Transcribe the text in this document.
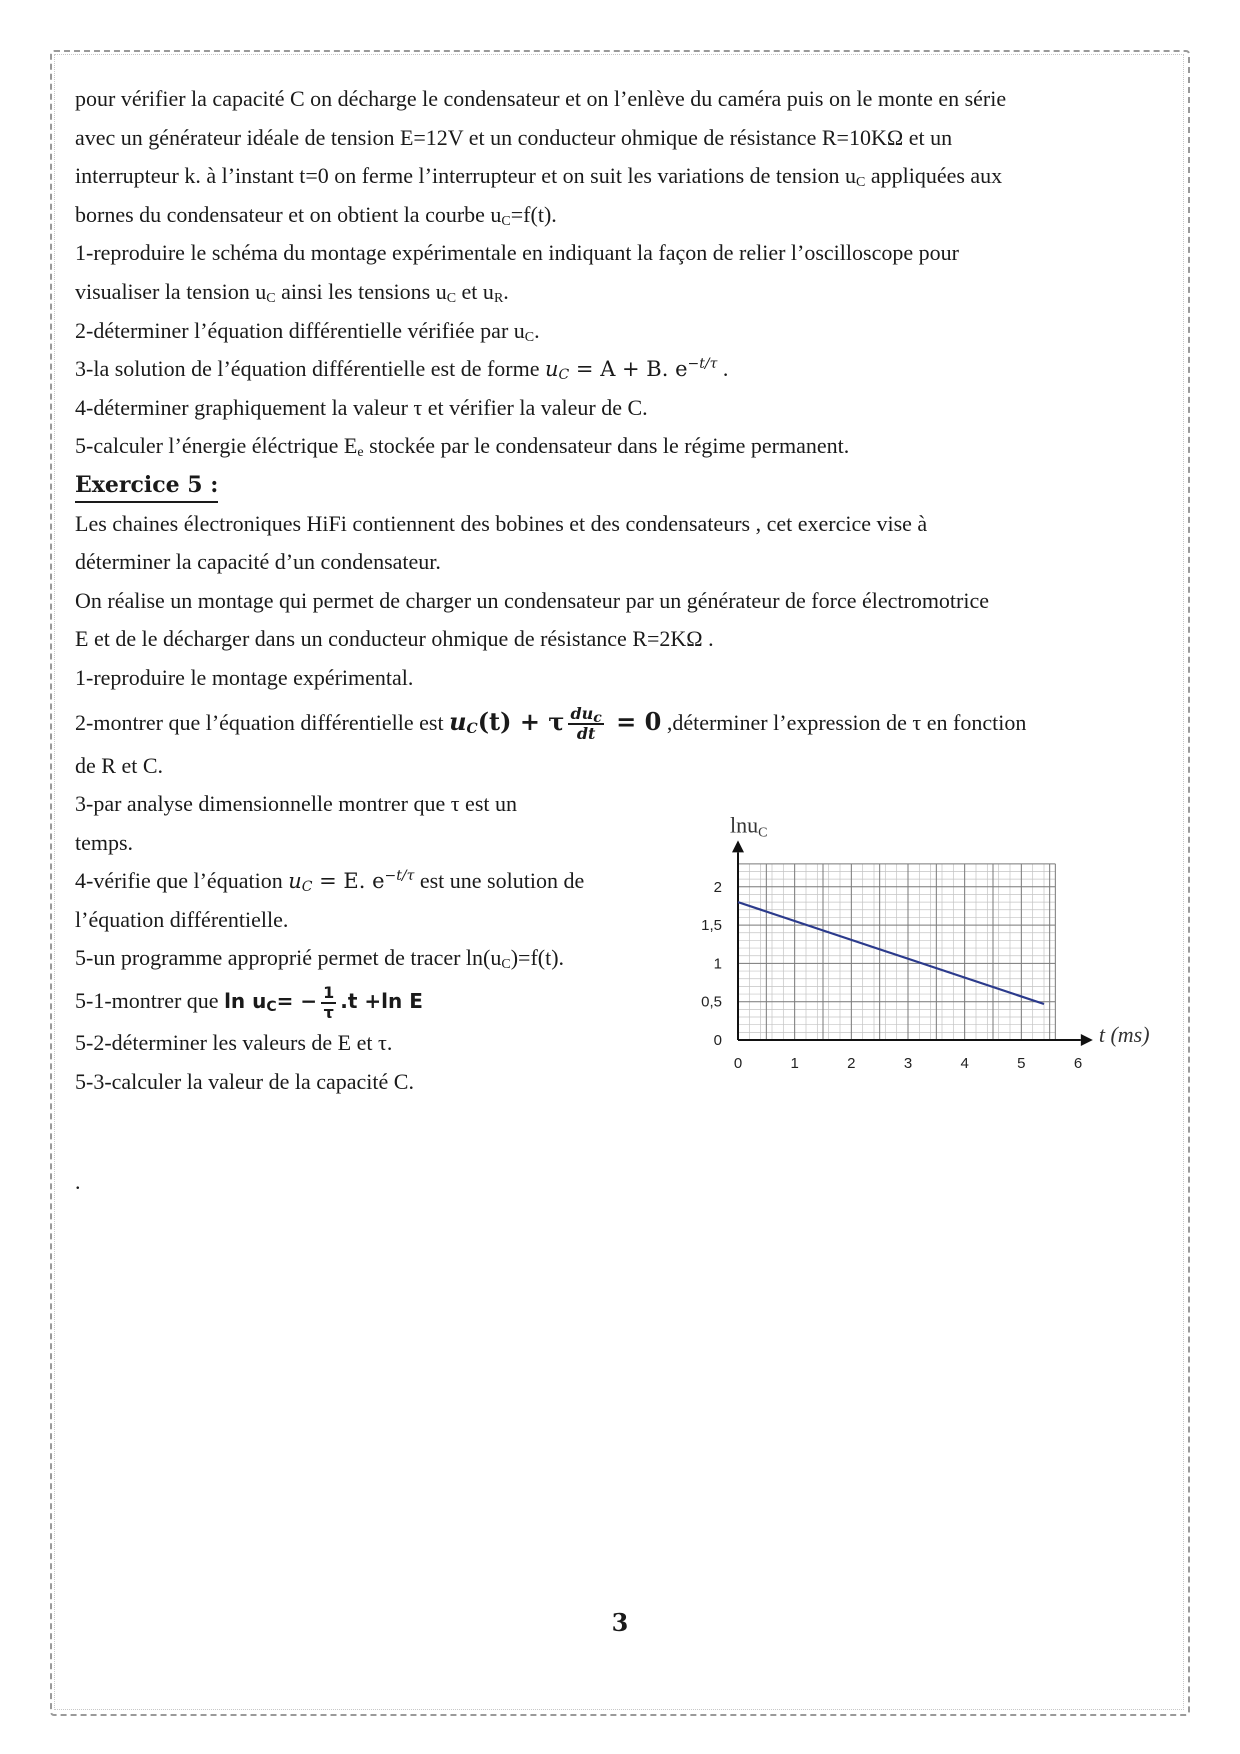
pour vérifier la capacité C on décharge le condensateur et on l’enlève du caméra puis on le monte en série
avec un générateur idéale de tension E=12V et un conducteur ohmique de résistance R=10KΩ et un
interrupteur k. à l’instant t=0 on ferme l’interrupteur et on suit les variations de tension $u_C$ appliquées aux
bornes du condensateur et on obtient la courbe $u_C=f(t)$.
1-reproduire le schéma du montage expérimentale en indiquant la façon de relier l’oscilloscope pour
visualiser la tension $u_C$ ainsi les tensions $u_C$ et $u_R$.
2-déterminer l’équation différentielle vérifiée par $u_C$.
3-la solution de l’équation différentielle est de forme $u_C = A + B$. $e^{-t/\tau}$ .
4-déterminer graphiquement la valeur τ et vérifier la valeur de C.
5-calculer l’énergie éléctrique $E_e$ stockée par le condensateur dans le régime permanent.
Exercice 5 :
Les chaines électroniques HiFi contiennent des bobines et des condensateurs , cet exercice vise à
déterminer la capacité d’un condensateur.
On réalise un montage qui permet de charger un condensateur par un générateur de force électromotrice
E et de le décharger dans un conducteur ohmique de résistance R=2KΩ .
1-reproduire le montage expérimental.
2-montrer que l’équation différentielle est $u_C(t) + \tau \frac{du_c}{dt} = 0$ ,déterminer l’expression de τ en fonction
de R et C.
3-par analyse dimensionnelle montrer que τ est un
temps.
4-vérifie que l’équation $u_C = E$. $e^{-t/\tau}$ est une solution de
l’équation différentielle.
5-un programme approprié permet de tracer $\ln(u_C)=f(t)$.
5-1-montrer que $\ln u_C= - \frac{1}{\tau} .t +\ln$ E
5-2-déterminer les valeurs de E et τ.
5-3-calculer la valeur de la capacité C.
.
0	1	2	3	4	5	6
0
0,5
1
1,5
2
lnuC
t (ms)
3
